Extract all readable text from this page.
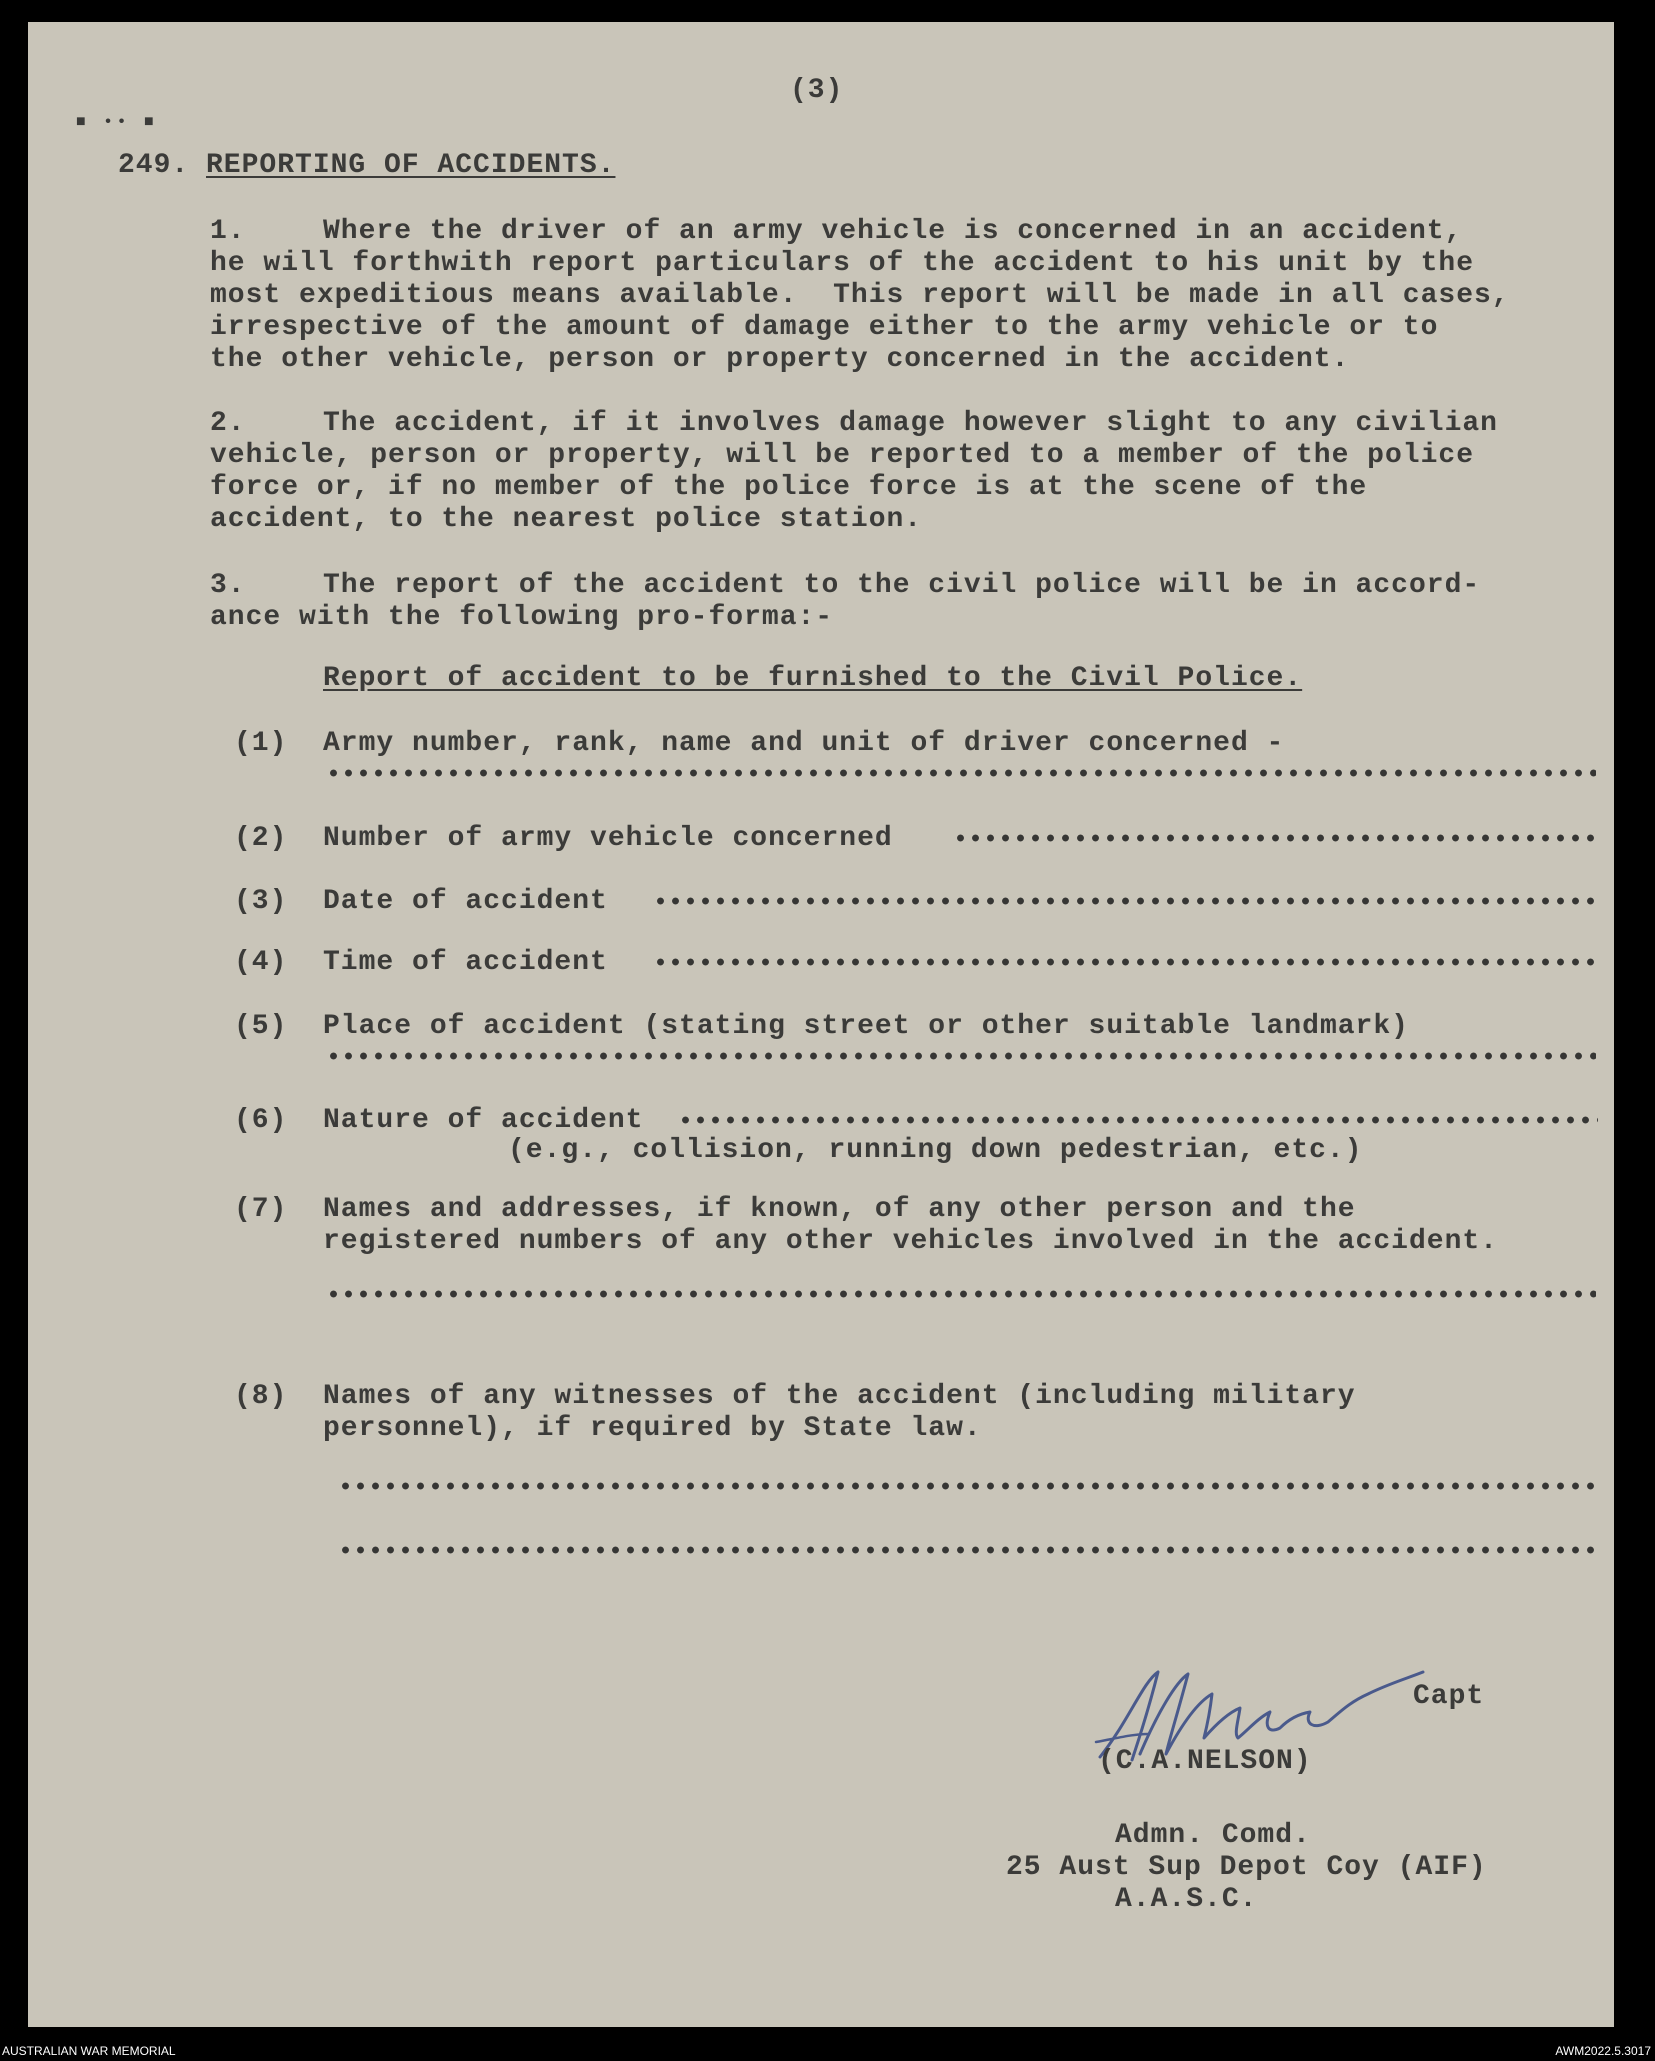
(3)
■ •• ■
249. REPORTING OF ACCIDENTS.
1.	Where the driver of an army vehicle is concerned in an accident,
he will forthwith report particulars of the accident to his unit by the
most expeditious means available.  This report will be made in all cases,
irrespective of the amount of damage either to the army vehicle or to
the other vehicle, person or property concerned in the accident.
2.	The accident, if it involves damage however slight to any civilian
vehicle, person or property, will be reported to a member of the police
force or, if no member of the police force is at the scene of the
accident, to the nearest police station.
3.	The report of the accident to the civil police will be in accord-
ance with the following pro-forma:-
Report of accident to be furnished to the Civil Police.
(1) Army number, rank, name and unit of driver concerned -
(2) Number of army vehicle concerned
(3) Date of accident
(4) Time of accident
(5) Place of accident (stating street or other suitable landmark)
(6) Nature of accident
(e.g., collision, running down pedestrian, etc.)
(7) Names and addresses, if known, of any other person and the
registered numbers of any other vehicles involved in the accident.
(8) Names of any witnesses of the accident (including military
personnel), if required by State law.
Capt
(C.A.NELSON)
Admn. Comd.
25 Aust Sup Depot Coy (AIF)
A.A.S.C.
AUSTRALIAN WAR MEMORIAL	AWM2022.5.3017
